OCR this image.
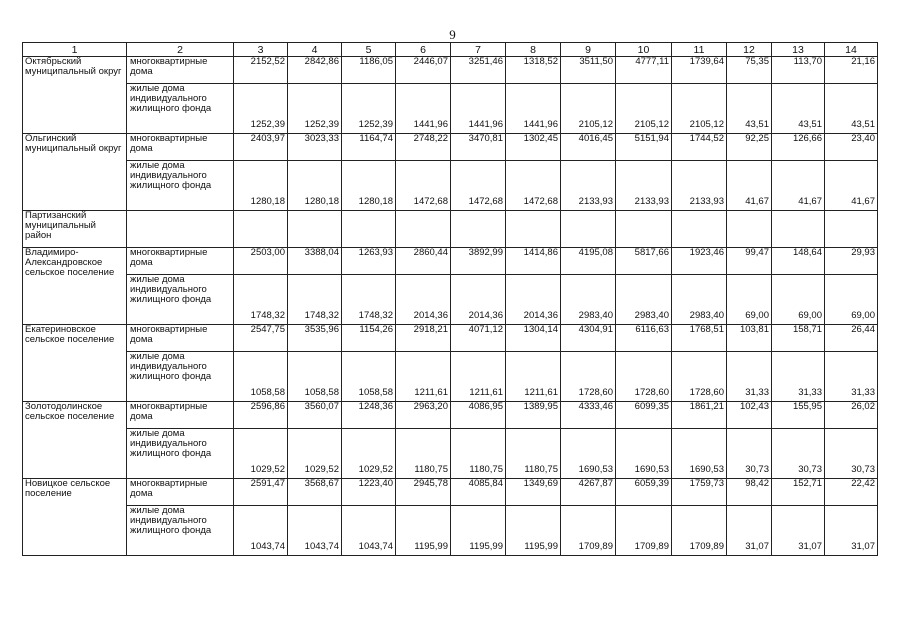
9
1	2	3	4	5	6	7	8	9	10	11	12	13	14
Октябрьский муниципальный округ	многоквартирные дома	2152,52	2842,86	1186,05	2446,07	3251,46	1318,52	3511,50	4777,11	1739,64	75,35	113,70	21,16
	жилые дома индивидуального жилищного фонда	1252,39	1252,39	1252,39	1441,96	1441,96	1441,96	2105,12	2105,12	2105,12	43,51	43,51	43,51
Ольгинский муниципальный округ	многоквартирные дома	2403,97	3023,33	1164,74	2748,22	3470,81	1302,45	4016,45	5151,94	1744,52	92,25	126,66	23,40
	жилые дома индивидуального жилищного фонда	1280,18	1280,18	1280,18	1472,68	1472,68	1472,68	2133,93	2133,93	2133,93	41,67	41,67	41,67
Партизанский муниципальный район													
Владимиро-Александровское сельское поселение	многоквартирные дома	2503,00	3388,04	1263,93	2860,44	3892,99	1414,86	4195,08	5817,66	1923,46	99,47	148,64	29,93
	жилые дома индивидуального жилищного фонда	1748,32	1748,32	1748,32	2014,36	2014,36	2014,36	2983,40	2983,40	2983,40	69,00	69,00	69,00
Екатериновское сельское поселение	многоквартирные дома	2547,75	3535,96	1154,26	2918,21	4071,12	1304,14	4304,91	6116,63	1768,51	103,81	158,71	26,44
	жилые дома индивидуального жилищного фонда	1058,58	1058,58	1058,58	1211,61	1211,61	1211,61	1728,60	1728,60	1728,60	31,33	31,33	31,33
Золотодолинское сельское поселение	многоквартирные дома	2596,86	3560,07	1248,36	2963,20	4086,95	1389,95	4333,46	6099,35	1861,21	102,43	155,95	26,02
	жилые дома индивидуального жилищного фонда	1029,52	1029,52	1029,52	1180,75	1180,75	1180,75	1690,53	1690,53	1690,53	30,73	30,73	30,73
Новицкое сельское поселение	многоквартирные дома	2591,47	3568,67	1223,40	2945,78	4085,84	1349,69	4267,87	6059,39	1759,73	98,42	152,71	22,42
	жилые дома индивидуального жилищного фонда	1043,74	1043,74	1043,74	1195,99	1195,99	1195,99	1709,89	1709,89	1709,89	31,07	31,07	31,07
